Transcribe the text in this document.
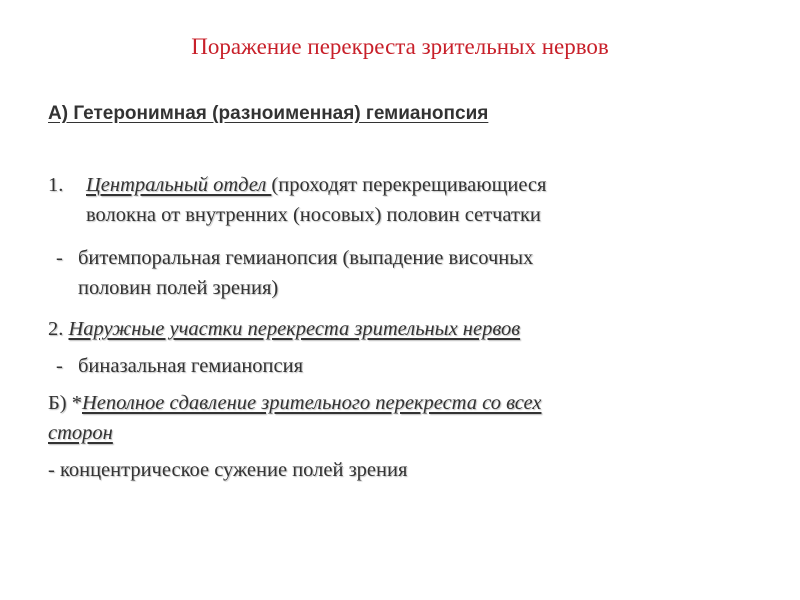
Поражение перекреста зрительных нервов
А) Гетеронимная (разноименная) гемианопсия
1. Центральный отдел (проходят перекрещивающиеся
волокна от внутренних (носовых) половин сетчатки
- битемпоральная гемианопсия (выпадение височных
половин полей зрения)
2. Наружные участки перекреста зрительных нервов
- биназальная гемианопсия
Б) *Неполное сдавление зрительного перекреста со всех
сторон
- концентрическое сужение полей зрения
